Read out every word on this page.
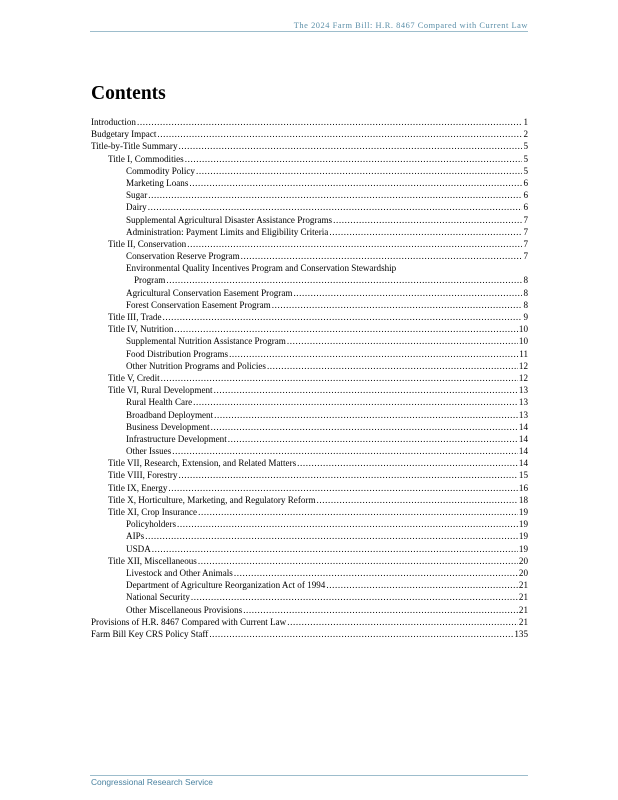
The 2024 Farm Bill: H.R. 8467 Compared with Current Law
Contents
Introduction .....	1
Budgetary Impact .....	2
Title-by-Title Summary .....	5
Title I, Commodities .....	5
Commodity Policy .....	5
Marketing Loans .....	6
Sugar .....	6
Dairy .....	6
Supplemental Agricultural Disaster Assistance Programs .....	7
Administration: Payment Limits and Eligibility Criteria .....	7
Title II, Conservation .....	7
Conservation Reserve Program .....	7
Environmental Quality Incentives Program and Conservation Stewardship
Program .....	8
Agricultural Conservation Easement Program .....	8
Forest Conservation Easement Program .....	8
Title III, Trade .....	9
Title IV, Nutrition .....	10
Supplemental Nutrition Assistance Program .....	10
Food Distribution Programs .....	11
Other Nutrition Programs and Policies .....	12
Title V, Credit .....	12
Title VI, Rural Development .....	13
Rural Health Care .....	13
Broadband Deployment .....	13
Business Development .....	14
Infrastructure Development .....	14
Other Issues .....	14
Title VII, Research, Extension, and Related Matters .....	14
Title VIII, Forestry .....	15
Title IX, Energy .....	16
Title X, Horticulture, Marketing, and Regulatory Reform .....	18
Title XI, Crop Insurance .....	19
Policyholders .....	19
AIPs .....	19
USDA .....	19
Title XII, Miscellaneous .....	20
Livestock and Other Animals .....	20
Department of Agriculture Reorganization Act of 1994 .....	21
National Security .....	21
Other Miscellaneous Provisions .....	21
Provisions of H.R. 8467 Compared with Current Law .....	21
Farm Bill Key CRS Policy Staff .....	135
Congressional Research Service
